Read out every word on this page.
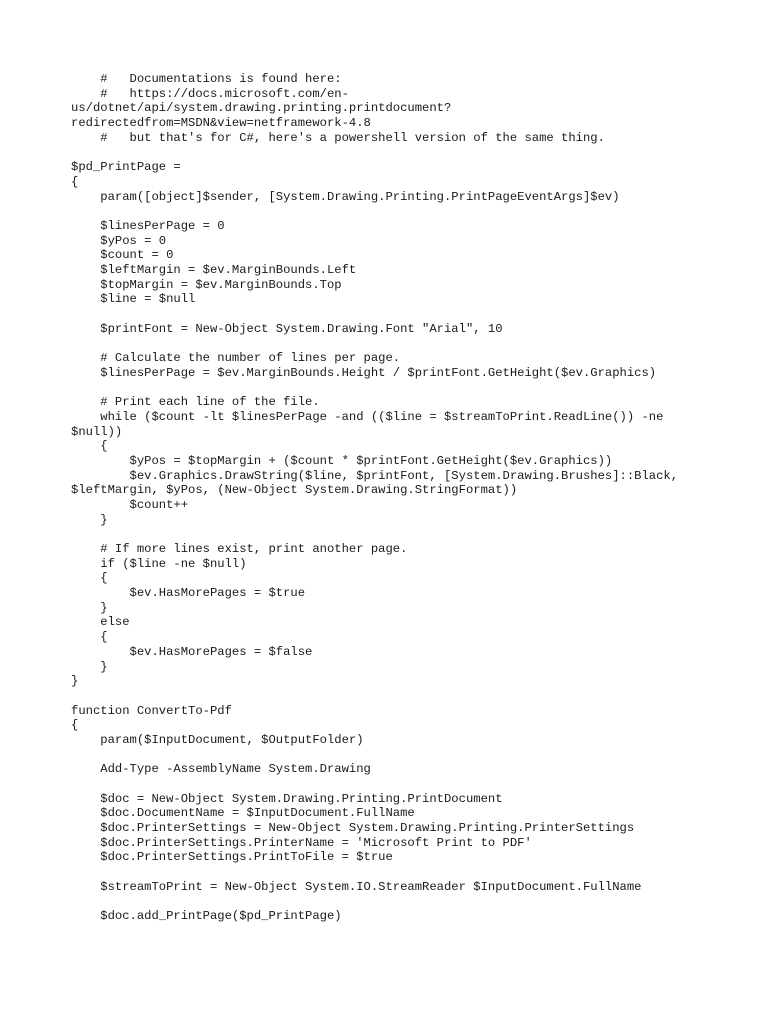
#   Documentations is found here:
#   https://docs.microsoft.com/en-
us/dotnet/api/system.drawing.printing.printdocument?
redirectedfrom=MSDN&view=netframework-4.8
#   but that's for C#, here's a powershell version of the same thing.
$pd_PrintPage =
{
param([object]$sender, [System.Drawing.Printing.PrintPageEventArgs]$ev)
$linesPerPage = 0
$yPos = 0
$count = 0
$leftMargin = $ev.MarginBounds.Left
$topMargin = $ev.MarginBounds.Top
$line = $null
$printFont = New-Object System.Drawing.Font "Arial", 10
# Calculate the number of lines per page.
$linesPerPage = $ev.MarginBounds.Height / $printFont.GetHeight($ev.Graphics)
# Print each line of the file.
while ($count -lt $linesPerPage -and (($line = $streamToPrint.ReadLine()) -ne
$null))
{
$yPos = $topMargin + ($count * $printFont.GetHeight($ev.Graphics))
$ev.Graphics.DrawString($line, $printFont, [System.Drawing.Brushes]::Black,
$leftMargin, $yPos, (New-Object System.Drawing.StringFormat))
$count++
}
# If more lines exist, print another page.
if ($line -ne $null)
{
$ev.HasMorePages = $true
}
else
{
$ev.HasMorePages = $false
}
}
function ConvertTo-Pdf
{
param($InputDocument, $OutputFolder)
Add-Type -AssemblyName System.Drawing
$doc = New-Object System.Drawing.Printing.PrintDocument
$doc.DocumentName = $InputDocument.FullName
$doc.PrinterSettings = New-Object System.Drawing.Printing.PrinterSettings
$doc.PrinterSettings.PrinterName = 'Microsoft Print to PDF'
$doc.PrinterSettings.PrintToFile = $true
$streamToPrint = New-Object System.IO.StreamReader $InputDocument.FullName
$doc.add_PrintPage($pd_PrintPage)
